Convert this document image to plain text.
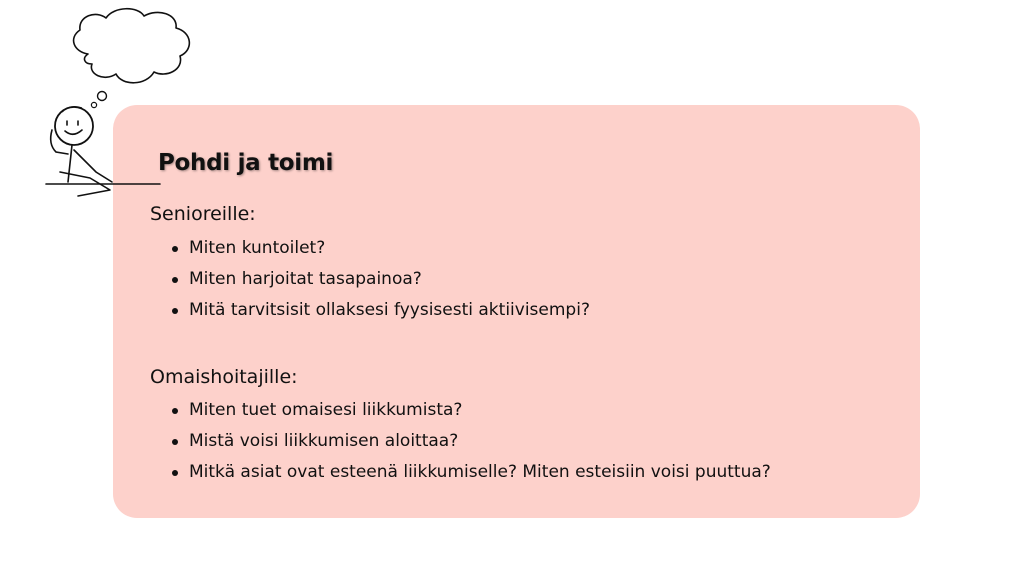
Pohdi ja toimi

Senioreille:

Miten kuntoilet?
Miten harjoitat tasapainoa?
Mitä tarvitsisit ollaksesi fyysisesti aktiivisempi?

Omaishoitajille:

Miten tuet omaisesi liikkumista?
Mistä voisi liikkumisen aloittaa?
Mitkä asiat ovat esteenä liikkumiselle? Miten esteisiin voisi puuttua?
